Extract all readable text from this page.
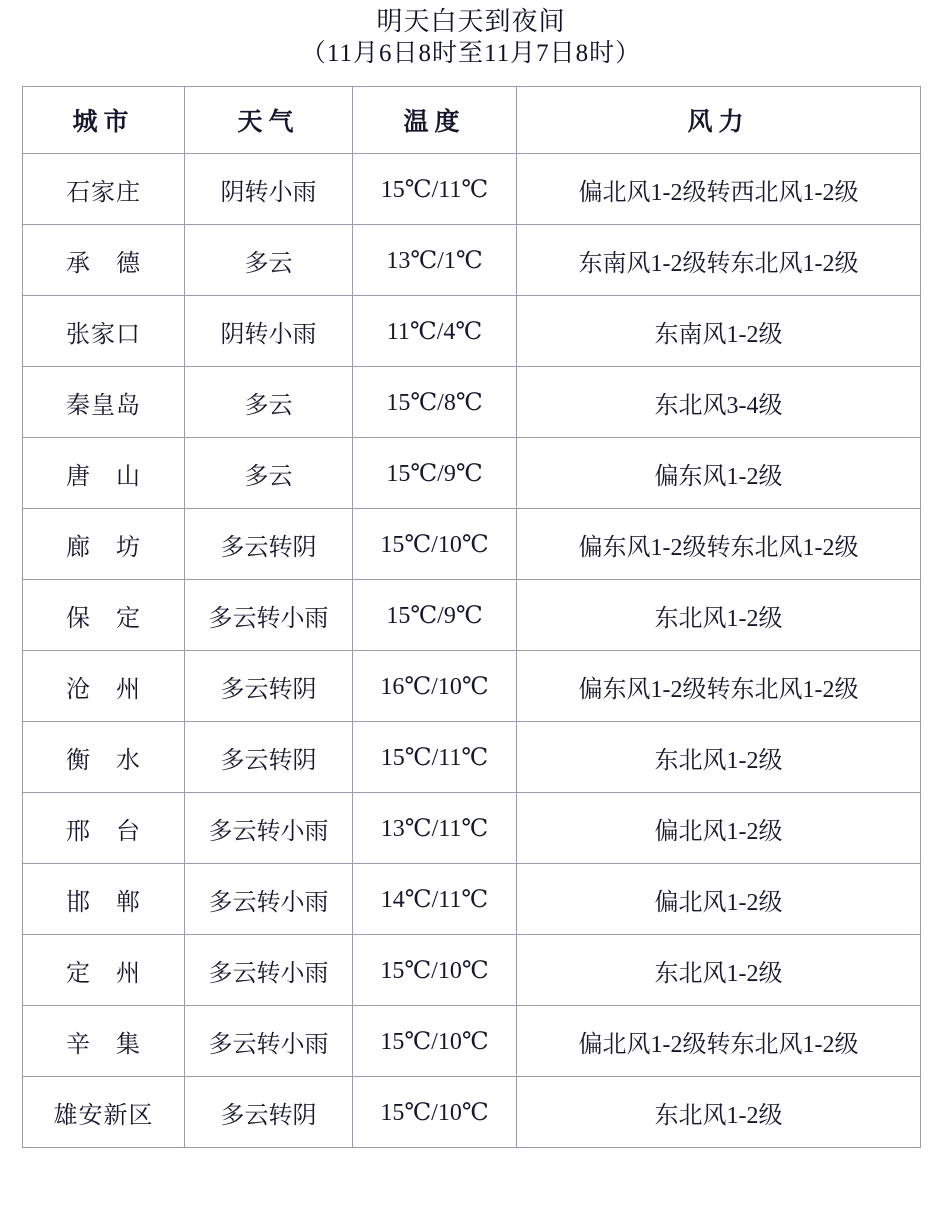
明天白天到夜间
（11月6日8时至11月7日8时）
城市	天气	温度	风力
石家庄	阴转小雨	15℃/11℃	偏北风1-2级转西北风1-2级
承　德	多云	13℃/1℃	东南风1-2级转东北风1-2级
张家口	阴转小雨	11℃/4℃	东南风1-2级
秦皇岛	多云	15℃/8℃	东北风3-4级
唐　山	多云	15℃/9℃	偏东风1-2级
廊　坊	多云转阴	15℃/10℃	偏东风1-2级转东北风1-2级
保　定	多云转小雨	15℃/9℃	东北风1-2级
沧　州	多云转阴	16℃/10℃	偏东风1-2级转东北风1-2级
衡　水	多云转阴	15℃/11℃	东北风1-2级
邢　台	多云转小雨	13℃/11℃	偏北风1-2级
邯　郸	多云转小雨	14℃/11℃	偏北风1-2级
定　州	多云转小雨	15℃/10℃	东北风1-2级
辛　集	多云转小雨	15℃/10℃	偏北风1-2级转东北风1-2级
雄安新区	多云转阴	15℃/10℃	东北风1-2级
